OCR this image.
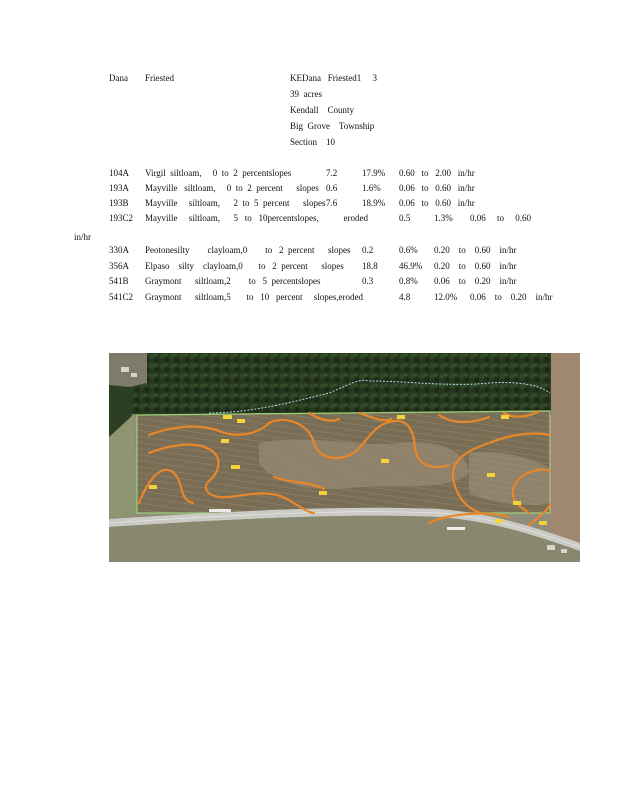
Dana Friested	KEDana   Friested1     3
39  acres
Kendall    County
Big  Grove    Township
Section    10
104A Virgil  siltloam,     0  to  2  percentslopes	7.2	17.9% 0.60   to   2.00   in/hr
193A Mayville   siltloam,     0  to  2  percent      slopes 0.6	1.6% 0.06   to   0.60   in/hr
193B Mayville     siltloam,      2  to  5  percent      slopes 7.6	18.9% 0.06   to   0.60   in/hr
193C2 Mayville     siltloam,      5   to   10percentslopes,           eroded	0.5	1.3% 0.06     to     0.60
in/hr
330A Peotonesilty        clayloam,0        to   2  percent      slopes 0.2	0.6% 0.20    to    0.60    in/hr
356A Elpaso    silty    clayloam,0       to   2  percent      slopes 18.8 46.9% 0.20    to    0.60    in/hr
541B Graymont      siltloam,2        to   5  percentslopes	0.3	0.8% 0.06    to    0.20    in/hr
541C2 Graymont      siltloam,5       to   10   percent     slopes,eroded	4.8	12.0% 0.06    to    0.20    in/hr
